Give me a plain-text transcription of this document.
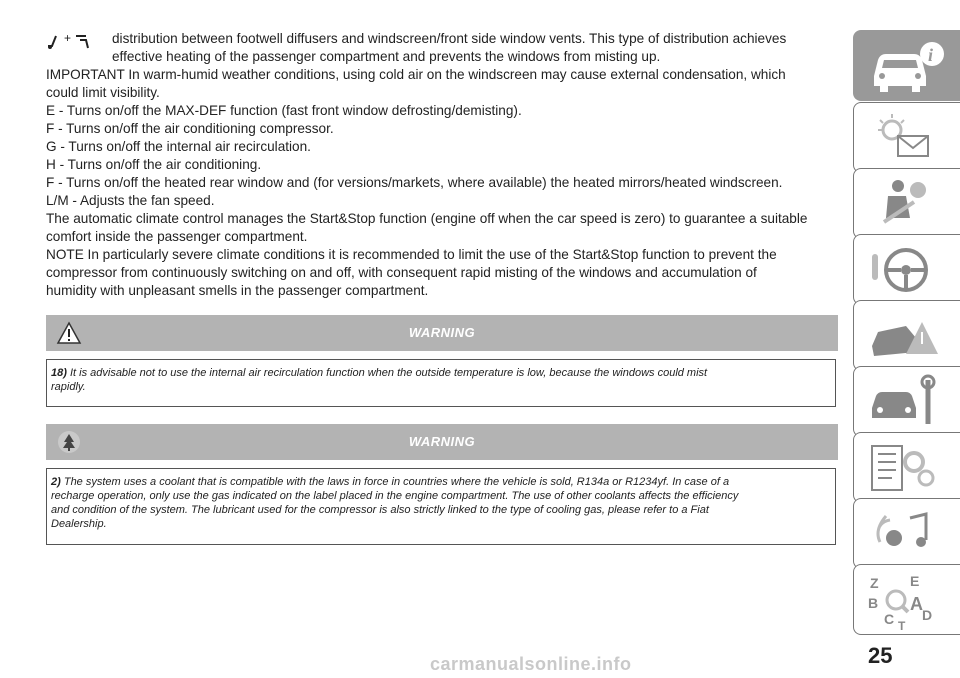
+	distribution between footwell diffusers and windscreen/front side window vents. This type of distribution achieves
effective heating of the passenger compartment and prevents the windows from misting up.

IMPORTANT In warm-humid weather conditions, using cold air on the windscreen may cause external condensation, which
could limit visibility.
E - Turns on/off the MAX-DEF function (fast front window defrosting/demisting).
F - Turns on/off the air conditioning compressor.
G - Turns on/off the internal air recirculation.
H - Turns on/off the air conditioning.
F - Turns on/off the heated rear window and (for versions/markets, where available) the heated mirrors/heated windscreen.
L/M - Adjusts the fan speed.
The automatic climate control manages the Start&Stop function (engine off when the car speed is zero) to guarantee a suitable
comfort inside the passenger compartment.
NOTE In particularly severe climate conditions it is recommended to limit the use of the Start&Stop function to prevent the
compressor from continuously switching on and off, with consequent rapid misting of the windows and accumulation of
humidity with unpleasant smells in the passenger compartment.

WARNING
18) It is advisable not to use the internal air recirculation function when the outside temperature is low, because the windows could mist
rapidly.
WARNING
2) The system uses a coolant that is compatible with the laws in force in countries where the vehicle is sold, R134a or R1234yf. In case of a
recharge operation, only use the gas indicated on the label placed in the engine compartment. The use of other coolants affects the efficiency
and condition of the system. The lubricant used for the compressor is also strictly linked to the type of cooling gas, please refer to a Fiat
Dealership.
i
Z E
B A
C D
T
25
carmanualsonline.info
